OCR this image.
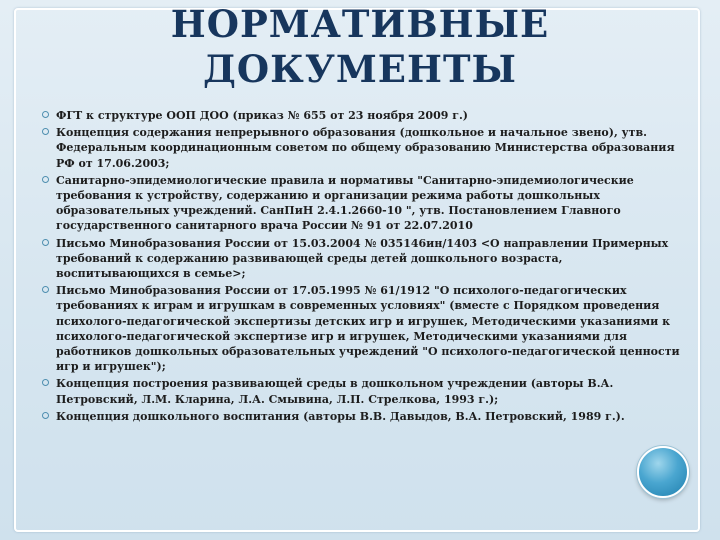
НОРМАТИВНЫЕ
ДОКУМЕНТЫ
ФГТ к структуре ООП ДОО (приказ № 655 от 23 ноября 2009 г.)
Концепция содержания непрерывного образования (дошкольное и начальное звено), утв. Федеральным координационным советом по общему образованию Министерства образования РФ от 17.06.2003;
Санитарно-эпидемиологические правила и нормативы "Санитарно-эпидемиологические требования к устройству, содержанию и организации режима работы дошкольных образовательных учреждений. СанПиН 2.4.1.2660-10 ", утв. Постановлением Главного государственного санитарного врача России № 91 от 22.07.2010
Письмо Минобразования России от 15.03.2004 № 035146ин/1403 <О направлении Примерных требований к содержанию развивающей среды детей дошкольного возраста, воспитывающихся в семье>;
Письмо Минобразования России от 17.05.1995 № 61/1912 "О психолого-педагогических требованиях к играм и игрушкам в современных условиях" (вместе с Порядком проведения психолого-педагогической экспертизы детских игр и игрушек, Методическими указаниями к психолого-педагогической экспертизе игр и игрушек, Методическими указаниями для работников дошкольных образовательных учреждений "О психолого-педагогической ценности игр и игрушек");
Концепция построения развивающей среды в дошкольном учреждении (авторы В.А. Петровский, Л.М. Кларина, Л.А. Смывина, Л.П. Стрелкова, 1993 г.);
Концепция дошкольного воспитания (авторы В.В. Давыдов, В.А. Петровский, 1989 г.).
